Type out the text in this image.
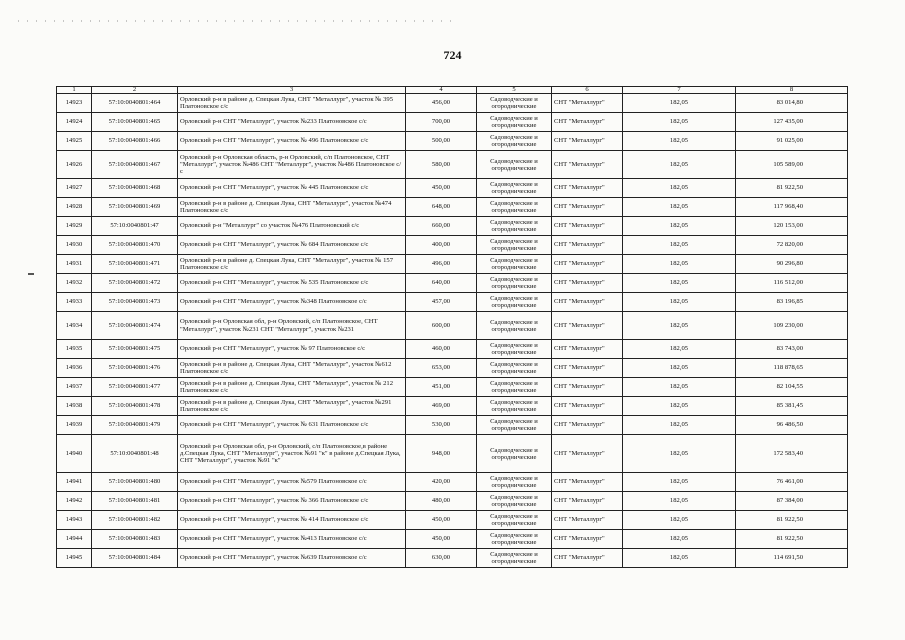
724
1	2	3	4	5	6	7	8
14923	57:10:0040801:464	Орловский р-н в районе д. Спецкая Лука, СНТ "Металлург", участок № 395 Платоновское с/с	456,00	Садоводческие и огороднические	СНТ "Металлург"	182,05	83 014,80
14924	57:10:0040801:465	Орловский р-н СНТ "Металлург", участок №233 Платоновское с/с	700,00	Садоводческие и огороднические	СНТ "Металлург"	182,05	127 435,00
14925	57:10:0040801:466	Орловский р-н СНТ "Металлург", участок № 496 Платоновское с/с	500,00	Садоводческие и огороднические	СНТ "Металлург"	182,05	91 025,00
14926	57:10:0040801:467	Орловский р-н Орловская область, р-н Орловский, с/п Платоновское, СНТ "Металлург", участок №486 СНТ "Металлург", участок №486 Платоновское с/с	580,00	Садоводческие и огороднические	СНТ "Металлург"	182,05	105 589,00
14927	57:10:0040801:468	Орловский р-н СНТ "Металлург", участок № 445 Платоновское с/с	450,00	Садоводческие и огороднические	СНТ "Металлург"	182,05	81 922,50
14928	57:10:0040801:469	Орловский р-н в районе д. Спецкая Лука, СНТ "Металлург", участок №474 Платоновское с/с	648,00	Садоводческие и огороднические	СНТ "Металлург"	182,05	117 968,40
14929	57:10:0040801:47	Орловский р-н "Металлург" со участок №476 Платоновский с/с	660,00	Садоводческие и огороднические	СНТ "Металлург"	182,05	120 153,00
14930	57:10:0040801:470	Орловский р-н СНТ "Металлург", участок № 684 Платоновское с/с	400,00	Садоводческие и огороднические	СНТ "Металлург"	182,05	72 820,00
14931	57:10:0040801:471	Орловский р-н в районе д. Спецкая Лука, СНТ "Металлург", участок № 157 Платоновское с/с	496,00	Садоводческие и огороднические	СНТ "Металлург"	182,05	90 296,80
14932	57:10:0040801:472	Орловский р-н СНТ "Металлург", участок № 535 Платоновское с/с	640,00	Садоводческие и огороднические	СНТ "Металлург"	182,05	116 512,00
14933	57:10:0040801:473	Орловский р-н СНТ "Металлург", участок №348 Платоновское с/с	457,00	Садоводческие и огороднические	СНТ "Металлург"	182,05	83 196,85
14934	57:10:0040801:474	Орловский р-н Орловская обл, р-н Орловский, с/п Платоновское, СНТ "Металлург", участок №231 СНТ "Металлург", участок №231	600,00	Садоводческие и огороднические	СНТ "Металлург"	182,05	109 230,00
14935	57:10:0040801:475	Орловский р-н СНТ "Металлург", участок № 97 Платоновское с/с	460,00	Садоводческие и огороднические	СНТ "Металлург"	182,05	83 743,00
14936	57:10:0040801:476	Орловский р-н в районе д. Спецкая Лука, СНТ "Металлург", участок №612 Платоновское с/с	653,00	Садоводческие и огороднические	СНТ "Металлург"	182,05	118 878,65
14937	57:10:0040801:477	Орловский р-н в районе д. Спецкая Лука, СНТ "Металлург", участок № 212 Платоновское с/с	451,00	Садоводческие и огороднические	СНТ "Металлург"	182,05	82 104,55
14938	57:10:0040801:478	Орловский р-н в районе д. Спецкая Лука, СНТ "Металлург", участок №291 Платоновское с/с	469,00	Садоводческие и огороднические	СНТ "Металлург"	182,05	85 381,45
14939	57:10:0040801:479	Орловский р-н СНТ "Металлург", участок № 631 Платоновское с/с	530,00	Садоводческие и огороднические	СНТ "Металлург"	182,05	96 486,50
14940	57:10:0040801:48	Орловский р-н Орловская обл, р-н Орловский, с/п Платоновское,в районе д.Спецкая Лука, СНТ "Металлург", участок №91 "к" в районе д.Спецкая Лука, СНТ "Металлург", участок №91 "к"	948,00	Садоводческие и огороднические	СНТ "Металлург"	182,05	172 583,40
14941	57:10:0040801:480	Орловский р-н СНТ "Металлург", участок №579 Платоновское с/с	420,00	Садоводческие и огороднические	СНТ "Металлург"	182,05	76 461,00
14942	57:10:0040801:481	Орловский р-н СНТ "Металлург", участок № 366 Платоновское с/с	480,00	Садоводческие и огороднические	СНТ "Металлург"	182,05	87 384,00
14943	57:10:0040801:482	Орловский р-н СНТ "Металлург", участок № 414 Платоновское с/с	450,00	Садоводческие и огороднические	СНТ "Металлург"	182,05	81 922,50
14944	57:10:0040801:483	Орловский р-н СНТ "Металлург", участок №413 Платоновское с/с	450,00	Садоводческие и огороднические	СНТ "Металлург"	182,05	81 922,50
14945	57:10:0040801:484	Орловский р-н СНТ "Металлург", участок №639 Платоновское с/с	630,00	Садоводческие и огороднические	СНТ "Металлург"	182,05	114 691,50
